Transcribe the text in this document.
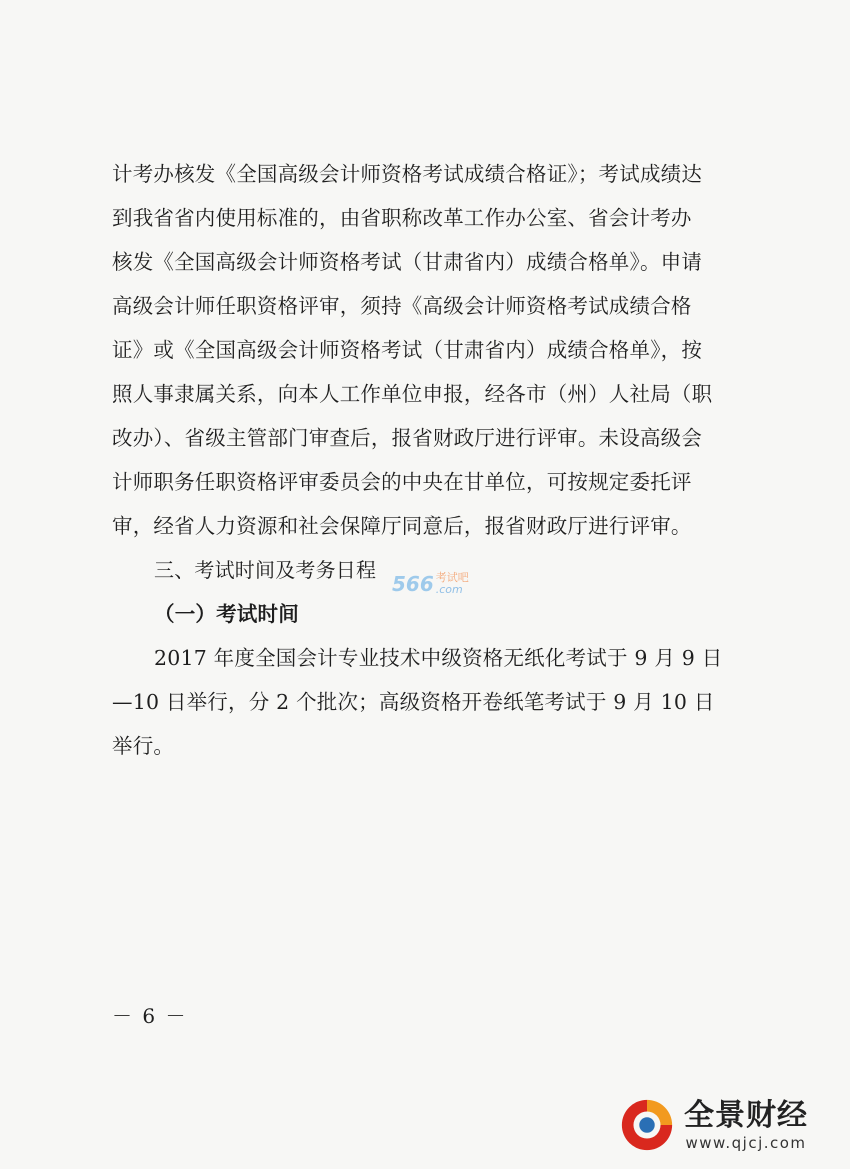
计考办核发《全国高级会计师资格考试成绩合格证》；考试成绩达
到我省省内使用标准的，由省职称改革工作办公室、省会计考办
核发《全国高级会计师资格考试（甘肃省内）成绩合格单》。申请
高级会计师任职资格评审，须持《高级会计师资格考试成绩合格
证》或《全国高级会计师资格考试（甘肃省内）成绩合格单》，按
照人事隶属关系，向本人工作单位申报，经各市（州）人社局（职
改办）、省级主管部门审查后，报省财政厅进行评审。未设高级会
计师职务任职资格评审委员会的中央在甘单位，可按规定委托评
审，经省人力资源和社会保障厅同意后，报省财政厅进行评审。
三、考试时间及考务日程
（一）考试时间
2017 年度全国会计专业技术中级资格无纸化考试于 9 月 9 日
—10 日举行，分 2 个批次；高级资格开卷纸笔考试于 9 月 10 日
举行。
566 考试吧
.com
－ 6 －
全景财经
www.qjcj.com
